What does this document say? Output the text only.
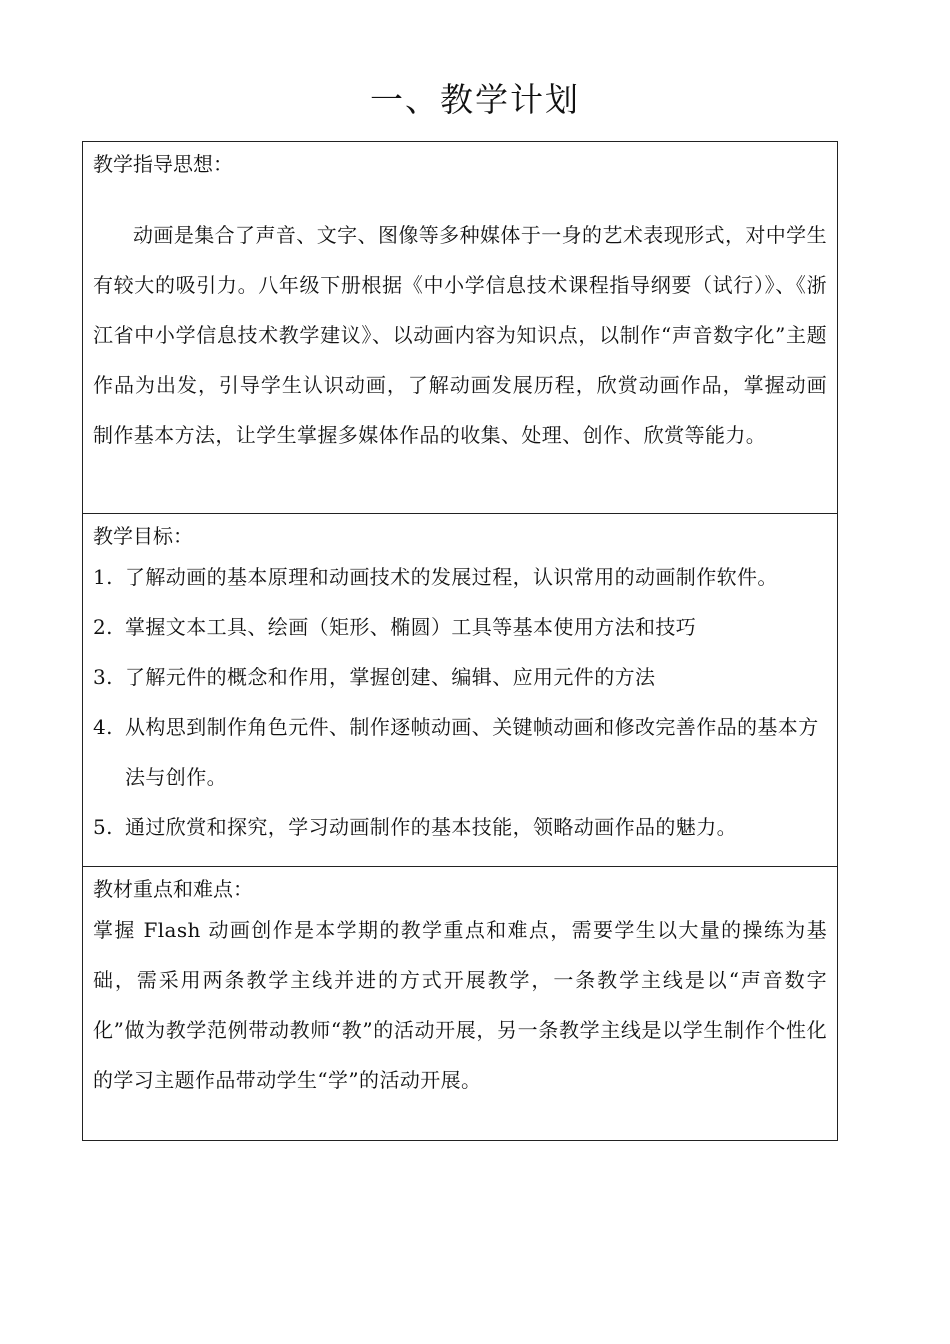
一、教学计划
教学指导思想：
动画是集合了声音、文字、图像等多种媒体于一身的艺术表现形式，对中学生有较大的吸引力。八年级下册根据《中小学信息技术课程指导纲要（试行）》、《浙江省中小学信息技术教学建议》、以动画内容为知识点，以制作“声音数字化”主题作品为出发，引导学生认识动画，了解动画发展历程，欣赏动画作品，掌握动画制作基本方法，让学生掌握多媒体作品的收集、处理、创作、欣赏等能力。
教学目标：
1. 了解动画的基本原理和动画技术的发展过程，认识常用的动画制作软件。
2. 掌握文本工具、绘画（矩形、椭圆）工具等基本使用方法和技巧
3. 了解元件的概念和作用，掌握创建、编辑、应用元件的方法
4. 从构思到制作角色元件、制作逐帧动画、关键帧动画和修改完善作品的基本方法与创作。
5. 通过欣赏和探究，学习动画制作的基本技能，领略动画作品的魅力。
教材重点和难点：
掌握 Flash 动画创作是本学期的教学重点和难点，需要学生以大量的操练为基础，需采用两条教学主线并进的方式开展教学，一条教学主线是以“声音数字化”做为教学范例带动教师“教”的活动开展，另一条教学主线是以学生制作个性化的学习主题作品带动学生“学”的活动开展。
